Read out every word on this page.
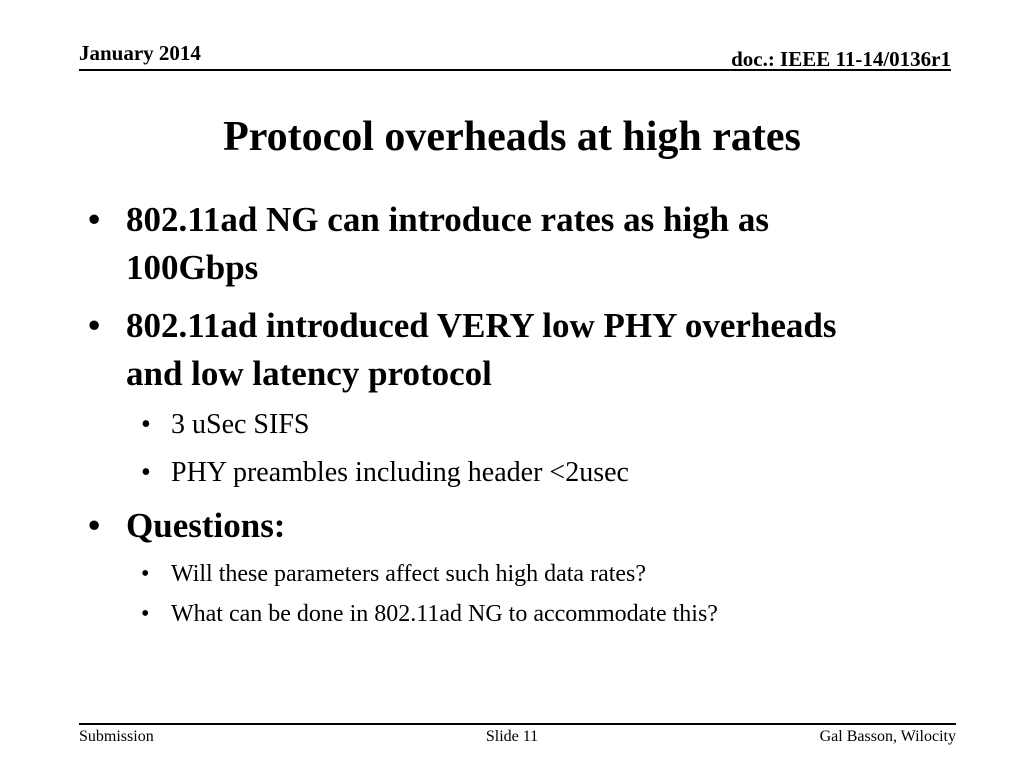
January 2014	doc.: IEEE 11-14/0136r1
Protocol overheads at high rates
• 802.11ad NG can introduce rates as high as
100Gbps
• 802.11ad introduced VERY low PHY overheads
and low latency protocol
• 3 uSec SIFS
• PHY preambles including header <2usec
• Questions:
• Will these parameters affect such high data rates?
• What can be done in 802.11ad NG to accommodate this?
Submission	Slide 11	Gal Basson, Wilocity
